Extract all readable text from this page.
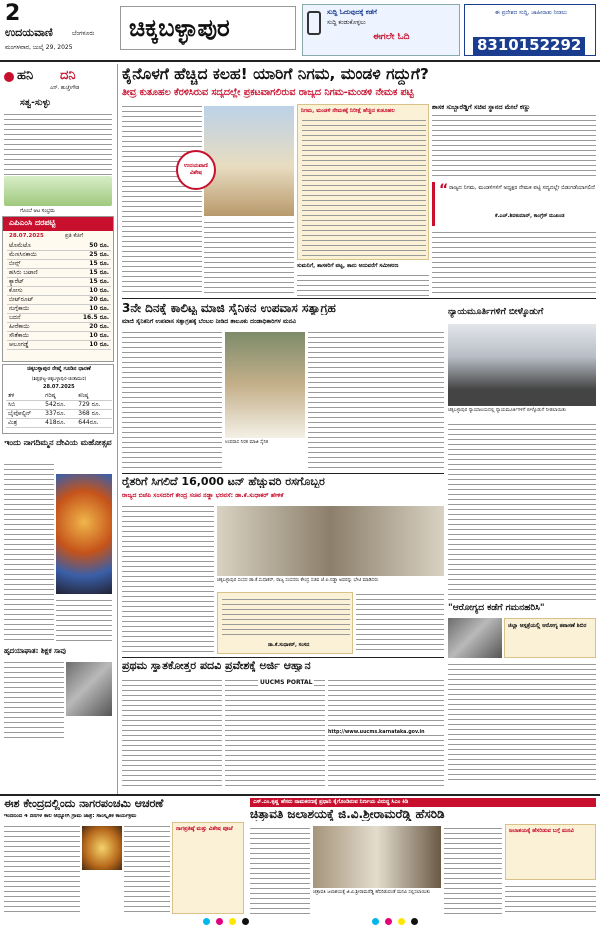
2
ಉದಯವಾಣಿ	ಬೆಂಗಳೂರು
ಮಂಗಳವಾರ, ಜುಲೈ 29, 2025
ಚಿಕ್ಕಬಳ್ಳಾಪುರ
ಸುದ್ದಿ ಓದುವುದಕ್ಕೆ ಕಡೆಗೆ
ಸುದ್ದಿ ಕಂಡುಕೊಳ್ಳಲು
ಈಗಲೇ ಓದಿ
ಈ ಪ್ರದೇಶದ ಸುದ್ದಿ, ಜಾಹೀರಾತು ನೀಡಲು
8310152292
ಹನಿ ದನಿ
ಎನ್‌. ಹುಚ್ಚೇಗೌಡ
ಸತ್ವ-ಸುಳ್ಳು
ಗೊಂಬೆ ಆಟ ಸಂಭ್ರಮ
ಎಪಿಎಂಸಿ ದರಪಟ್ಟಿ
28.07.2025	ಪ್ರತಿ ಕೆಜಿಗೆ
ಟೊಮೆಟೊ	50 ರೂ.
ಮೆಣಸಿನಕಾಯಿ	25 ರೂ.
ಬೀನ್ಸ್	15 ರೂ.
ಹಸಿರು ಬಟಾಣಿ	15 ರೂ.
ಕ್ಯಾರೆಟ್	15 ರೂ.
ಕೋಸು	10 ರೂ.
ಬೀಟ್‌ರೂಟ್	20 ರೂ.
ನುಗ್ಗೆಕಾಯಿ	10 ರೂ.
ಬದನೆ	16.5 ರೂ.
ಹೀರೆಕಾಯಿ	20 ರೂ.
ಸೌತೆಕಾಯಿ	10 ರೂ.
ಆಲೂಗಡ್ಡೆ	10 ರೂ.
ಚಿಕ್ಕಬಳ್ಳಾಪುರ ರೇಷ್ಮೆ ಗೂಡಿನ ಧಾರಣೆ
(ಶಿಡ್ಲಘಟ್ಟ-ಚಿಕ್ಕಬಳ್ಳಾಪುರ-ಚಿಂತಾಮಣಿ)
28.07.2025
ತಳಿ	ಗರಿಷ್ಠ	ಕನಿಷ್ಠ
ಸಿಬಿ	542ರೂ.	729 ರೂ.
ಬೈವೋಲ್ಟಿನ್	337ರೂ.	368 ರೂ.
ಮಿಶ್ರ	418ರೂ.	644ರೂ.
ಇಂದು ನಾಗದಿಮ್ಮನ ದೇವಿಯ ಮಹೋತ್ಸವ
ಹೃದಯಾಘಾತ: ಶಿಕ್ಷಕ ಸಾವು
ಕೈನೊಳಗೆ ಹೆಚ್ಚಿದ ಕಲಹ! ಯಾರಿಗೆ ನಿಗಮ, ಮಂಡಳಿ ಗದ್ದುಗೆ?
ತೀವ್ರ ಕುತೂಹಲ ಕೆರಳಿಸಿರುವ ಸದ್ಯದಲ್ಲೇ ಪ್ರಕಟವಾಗಲಿರುವ ರಾಜ್ಯದ ನಿಗಮ-ಮಂಡಳಿ ನೇಮಕ ಪಟ್ಟಿ
ಉದಯವಾಣಿ ವಿಶೇಷ
ನಿಗಮ, ಮಂಡಳಿ ನೇಮಕಕ್ಕೆ ನಿರೀಕ್ಷೆ ಹೆಚ್ಚಿದ ಕುತೂಹಲ
ಸುಮನಿಗೆ, ಶಾಸಕರಿಗೆ ಪಟ್ಟ, ತಾನು ಅದುವರೆಗೆ ಸಮೀಕರಣ
ಶಾಸಕ ಸುಬ್ಬಾರೆಡ್ಡಿಗೆ ಸಚಿವ ಸ್ಥಾನದ ಮೇಲೆ ಕಣ್ಣು
“ ರಾಜ್ಯದ ನಿಗಮ, ಮಂಡಳಿಗಳಿಗೆ ಅಧ್ಯಕ್ಷರ ನೇಮಕ ಪಟ್ಟಿ ಸದ್ಯದಲ್ಲೇ ಬಿಡುಗಡೆಯಾಗಲಿದೆ
ಕೆ.ಎಚ್‌.ಶಿವಕುಮಾರ್, ಕಾಂಗ್ರೆಸ್ ಮುಖಂಡ
3ನೇ ದಿನಕ್ಕೆ ಕಾಲಿಟ್ಟ ಮಾಜಿ ಸೈನಿಕನ ಉಪವಾಸ ಸತ್ಯಾಗ್ರಹ
ಮಾಜಿ ಸೈನಿಕನಿಗೆ ಉಪವಾಸ ಸತ್ಯಾಗ್ರಹಕ್ಕೆ ಬೆಂಬಲ ನೀಡಿದ ತಾಲೂಕು ದಂಡಾಧಿಕಾರಿಗಳ ಮನವಿ
ಉಪವಾಸ ನಿರತ ಮಾಜಿ ಸೈನಿಕ
ನ್ಯಾಯಮೂರ್ತಿಗಳಿಗೆ ಬೀಳ್ಕೊಡುಗೆ
ಚಿಕ್ಕಬಳ್ಳಾಪುರ ನ್ಯಾಯಾಲಯದಲ್ಲಿ ನ್ಯಾಯಮೂರ್ತಿಗಳಿಗೆ ಬೀಳ್ಕೊಡುಗೆ ನೀಡಲಾಯಿತು
ರೈತರಿಗೆ ಸಿಗಲಿದೆ 16,000 ಟನ್ ಹೆಚ್ಚುವರಿ ರಸಗೊಬ್ಬರ
ರಾಜ್ಯದ ಬಿಜೆಪಿ ಸಂಸದರಿಗೆ ಕೇಂದ್ರ ಸಚಿವ ನಡ್ಡಾ ಭರವಸೆ: ಡಾ.ಕೆ.ಸುಧಾಕರ್ ಹೇಳಿಕೆ
ಚಿಕ್ಕಬಳ್ಳಾಪುರ ಸಂಸದ ಡಾ.ಕೆ.ಸುಧಾಕರ್, ರಾಜ್ಯ ಸಂಸದರು ಕೇಂದ್ರ ಸಚಿವ ಜೆ.ಪಿ.ನಡ್ಡಾ ಅವರನ್ನು ಭೇಟಿ ಮಾಡಿದರು
ಡಾ.ಕೆ.ಸುಧಾಕರ್, ಸಂಸದ
"ಆರೋಗ್ಯದ ಕಡೆಗೆ ಗಮನಹರಿಸಿ"
ಜಿಲ್ಲಾ ಆಸ್ಪತ್ರೆಯಲ್ಲಿ ಆರೋಗ್ಯ ತಪಾಸಣೆ ಶಿಬಿರ
ಪ್ರಥಮ ಸ್ನಾತಕೋತ್ತರ ಪದವಿ ಪ್ರವೇಶಕ್ಕೆ ಅರ್ಜಿ ಆಹ್ವಾನ
UUCMS PORTAL
http://www.uucms.karnataka.gov.in
ಈಶ ಕೇಂದ್ರದಲ್ಲಿಂದು ನಾಗರಪಂಚಮಿ ಆಚರಣೆ
ಇಂದಿನಿಂದ 4 ದಿನಗಳ ಕಾಲ ಆಧ್ಯೋಗಿ ಗ್ರಾಮ ಜಾತ್ರೆ: ಸಾಂಸ್ಕೃತಿಕ ಕಾರ್ಯಕ್ರಮ
ನಾಗಪ್ರತಿಷ್ಠೆ ಮತ್ತು ವಿಶೇಷ ಪೂಜೆ
ಎಸ್‌.ಎಂ.ಕೃಷ್ಣ ಹೆಸರು ನಾಮಕರಣಕ್ಕೆ ಪ್ರಧಾನಿ ಕೈಗೊಂಡಿರುವ ನಿರ್ಣಯ ವಿರುದ್ಧ ಸಿಎಂ ಕಿಡಿ
ಚಿತ್ರಾವತಿ ಜಲಾಶಯಕ್ಕೆ ಜಿ.ವಿ.ಶ್ರೀರಾಮರೆಡ್ಡಿ ಹೆಸರಿಡಿ
ಚಿತ್ರಾವತಿ ಜಲಾಶಯಕ್ಕೆ ಜಿ.ವಿ.ಶ್ರೀರಾಮರೆಡ್ಡಿ ಹೆಸರಿಡುವಂತೆ ಮನವಿ ಸಲ್ಲಿಸಲಾಯಿತು
ಜಲಾಶಯಕ್ಕೆ ಹೆಸರಿಡುವ ಬಗ್ಗೆ ಮನವಿ
